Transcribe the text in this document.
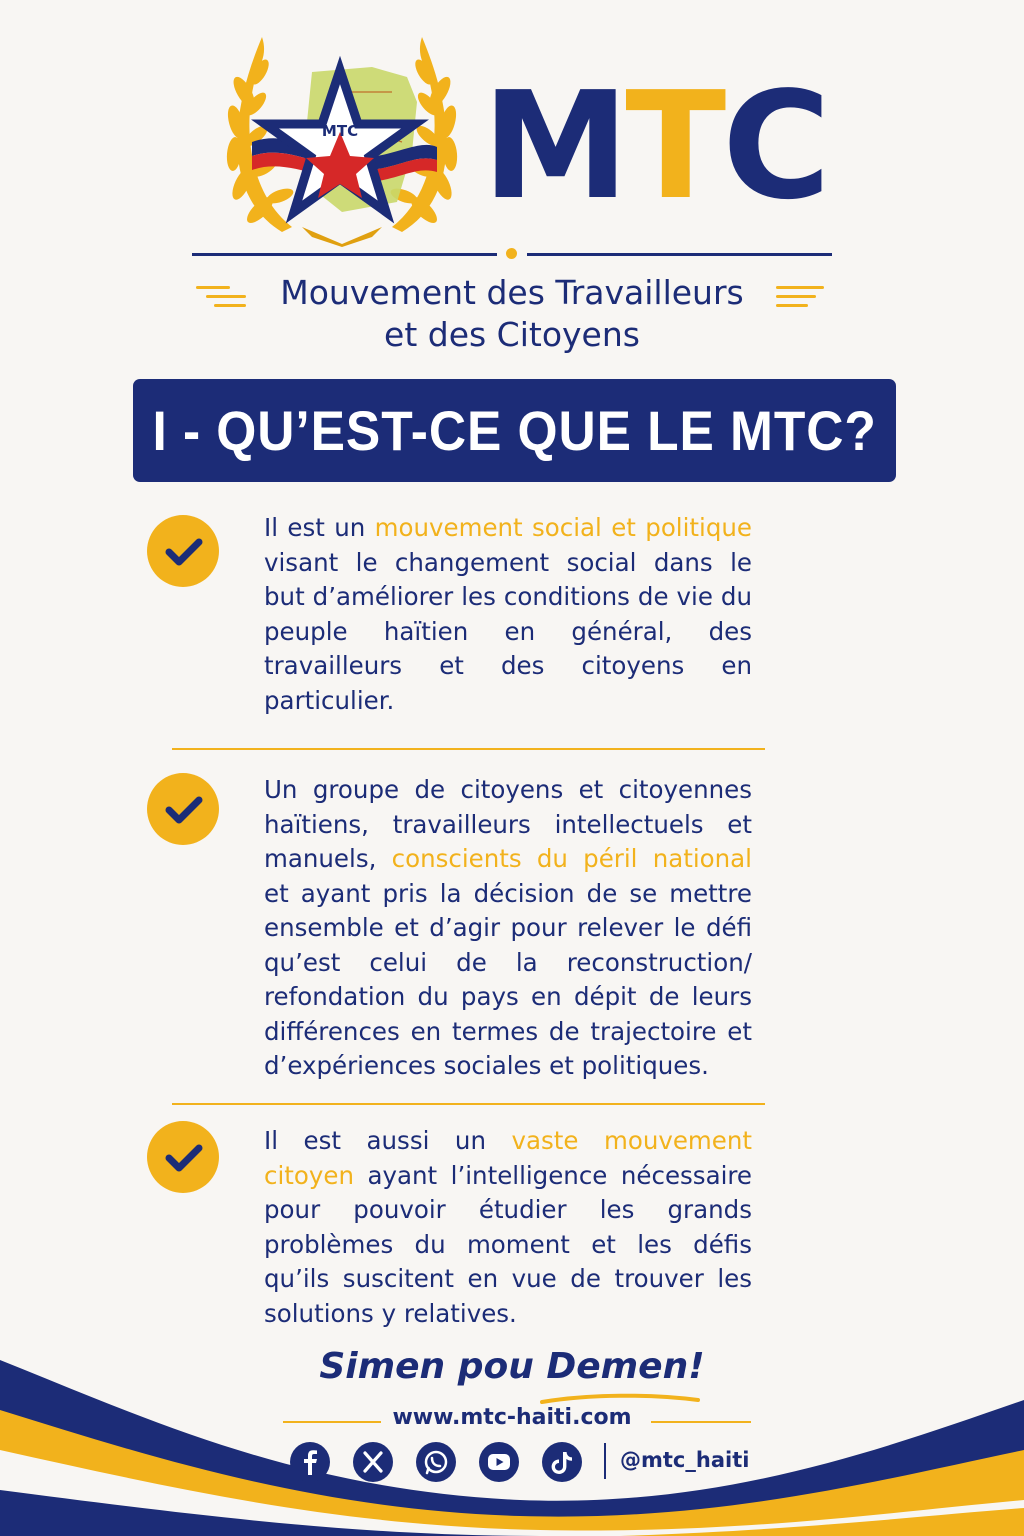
MTC MTC
Mouvement des Travailleurs
et des Citoyens
I - QU’EST-CE QUE LE MTC?
Il est un mouvement social et politique visant le changement social dans le but d’améliorer les conditions de vie du peuple haïtien en général, des travailleurs et des citoyens en particulier.
Un groupe de citoyens et citoyennes haïtiens, travailleurs intellectuels et manuels, conscients du péril national et ayant pris la décision de se mettre ensemble et d’agir pour relever le défi qu’est celui de la reconstruction/ refondation du pays en dépit de leurs différences en termes de trajectoire et d’expériences sociales et politiques.
Il est aussi un vaste mouvement citoyen ayant l’intelligence nécessaire pour pouvoir étudier les grands problèmes du moment et les défis qu’ils suscitent en vue de trouver les solutions y relatives.
Simen pou Demen!
www.mtc-haiti.com
@mtc_haiti
